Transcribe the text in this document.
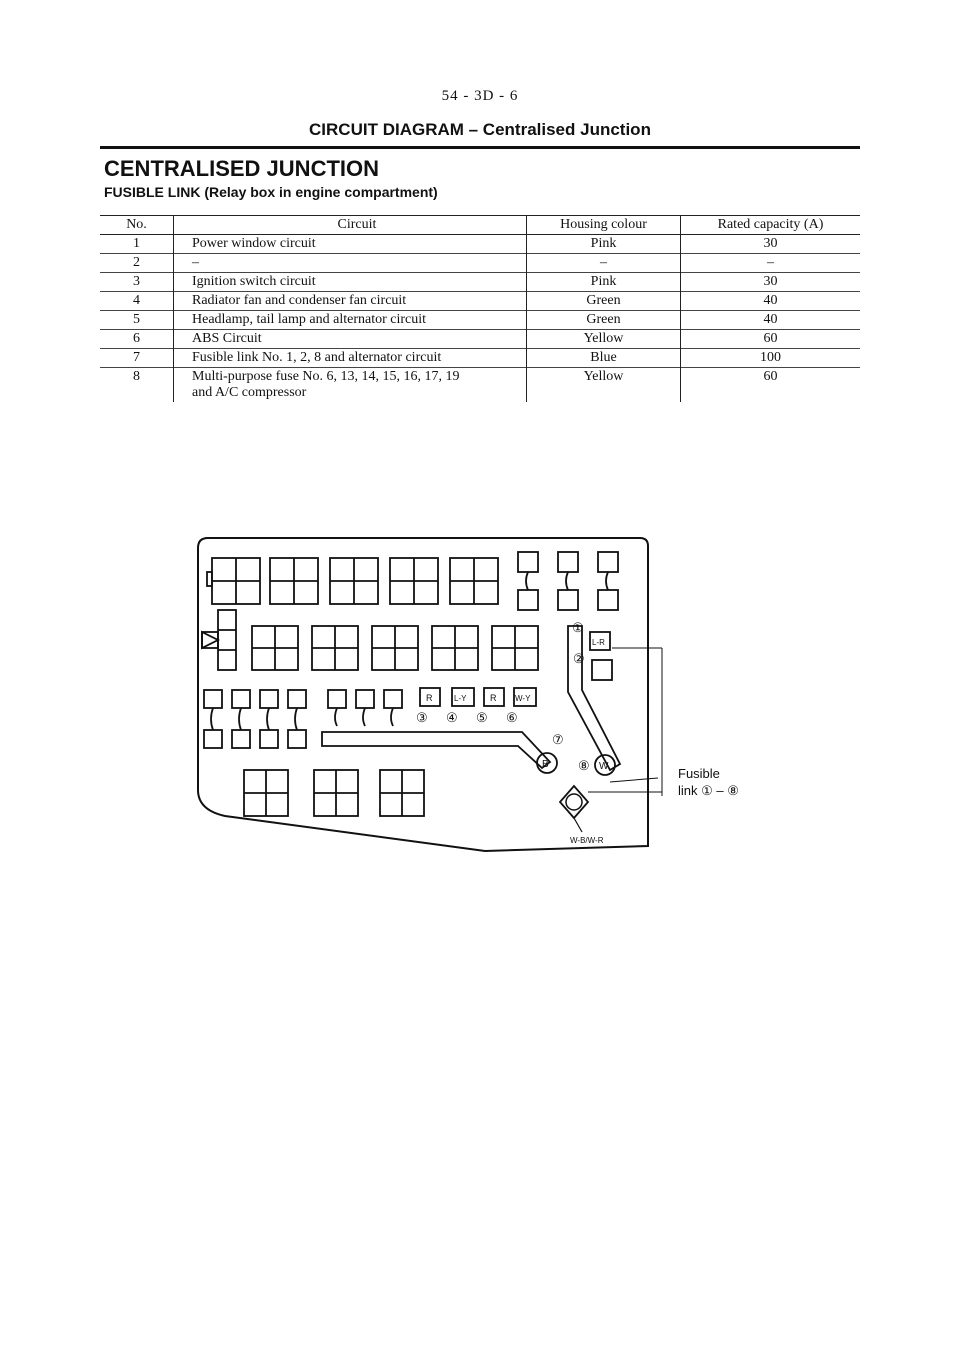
54 - 3D - 6
CIRCUIT DIAGRAM – Centralised Junction
CENTRALISED JUNCTION
FUSIBLE LINK (Relay box in engine compartment)
No.	Circuit	Housing colour	Rated capacity (A)
1	Power window circuit	Pink	30
2	–	–	–
3	Ignition switch circuit	Pink	30
4	Radiator fan and condenser fan circuit	Green	40
5	Headlamp, tail lamp and alternator circuit	Green	40
6	ABS Circuit	Yellow	60
7	Fusible link No. 1, 2, 8 and alternator circuit	Blue	100
8	Multi-purpose fuse No. 6, 13, 14, 15, 16, 17, 19
and A/C compressor	Yellow	60
①
②
③ ④ ⑤ ⑥
⑦
⑧
L-R
R	L-Y	R W-Y
B	W
W-B/W-R
Fusible
link ① – ⑧
